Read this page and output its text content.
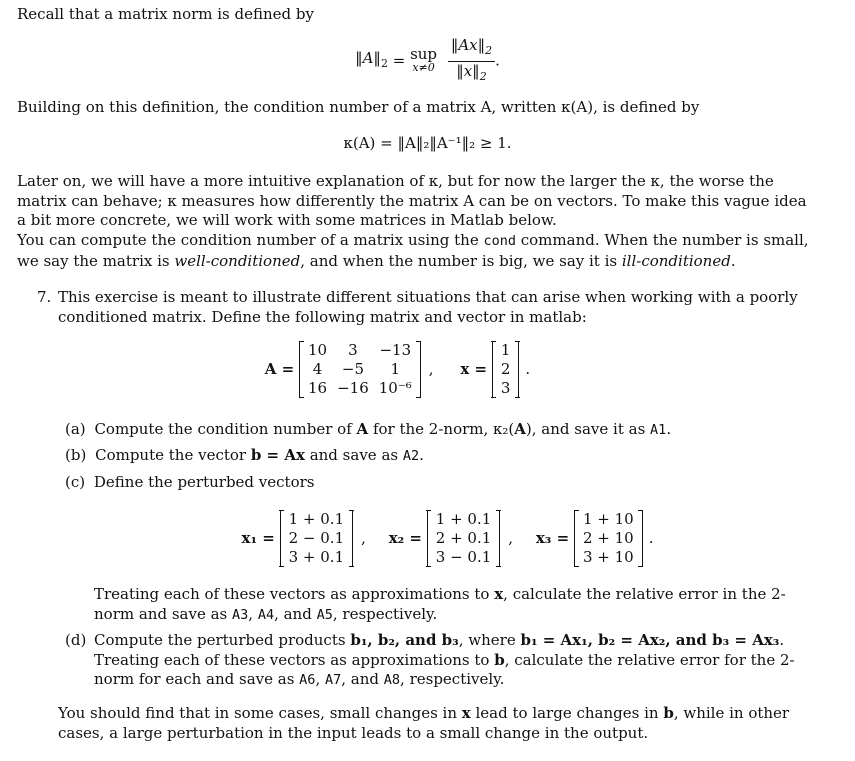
Recall that a matrix norm is defined by
$‖A‖_2$ = sup
x≠0
$\frac{‖Ax‖_2}{‖x‖_2}$ .
Building on this definition, the condition number of a matrix A, written κ(A), is defined by
κ(A) = ‖A‖₂‖A⁻¹‖₂ ≥ 1.
Later on, we will have a more intuitive explanation of κ, but for now the larger the κ, the worse the matrix can behave; κ measures how differently the matrix A can be on vectors. To make this vague idea a bit more concrete, we will work with some matrices in Matlab below.
You can compute the condition number of a matrix using the cond command. When the number is small, we say the matrix is well-conditioned, and when the number is big, we say it is ill-conditioned.
7. This exercise is meant to illustrate different situations that can arise when working with a poorly conditioned matrix. Define the following matrix and vector in matlab:
A =
10	3	−13
4	−5	1
16	−16	10⁻⁶
, x =
1
2
3
.
(a) Compute the condition number of A for the 2-norm, κ₂(A), and save it as A1.
(b) Compute the vector b = Ax and save as A2.
(c) Define the perturbed vectors
x₁ =
1 + 0.1
2 − 0.1
3 + 0.1
, x₂ =
1 + 0.1
2 + 0.1
3 − 0.1
, x₃ =
1 + 10
2 + 10
3 + 10
.
Treating each of these vectors as approximations to x, calculate the relative error in the 2-norm and save as A3, A4, and A5, respectively.
(d) Compute the perturbed products b₁, b₂, and b₃, where b₁ = Ax₁, b₂ = Ax₂, and b₃ = Ax₃. Treating each of these vectors as approximations to b, calculate the relative error for the 2-norm for each and save as A6, A7, and A8, respectively.
You should find that in some cases, small changes in x lead to large changes in b, while in other cases, a large perturbation in the input leads to a small change in the output.
